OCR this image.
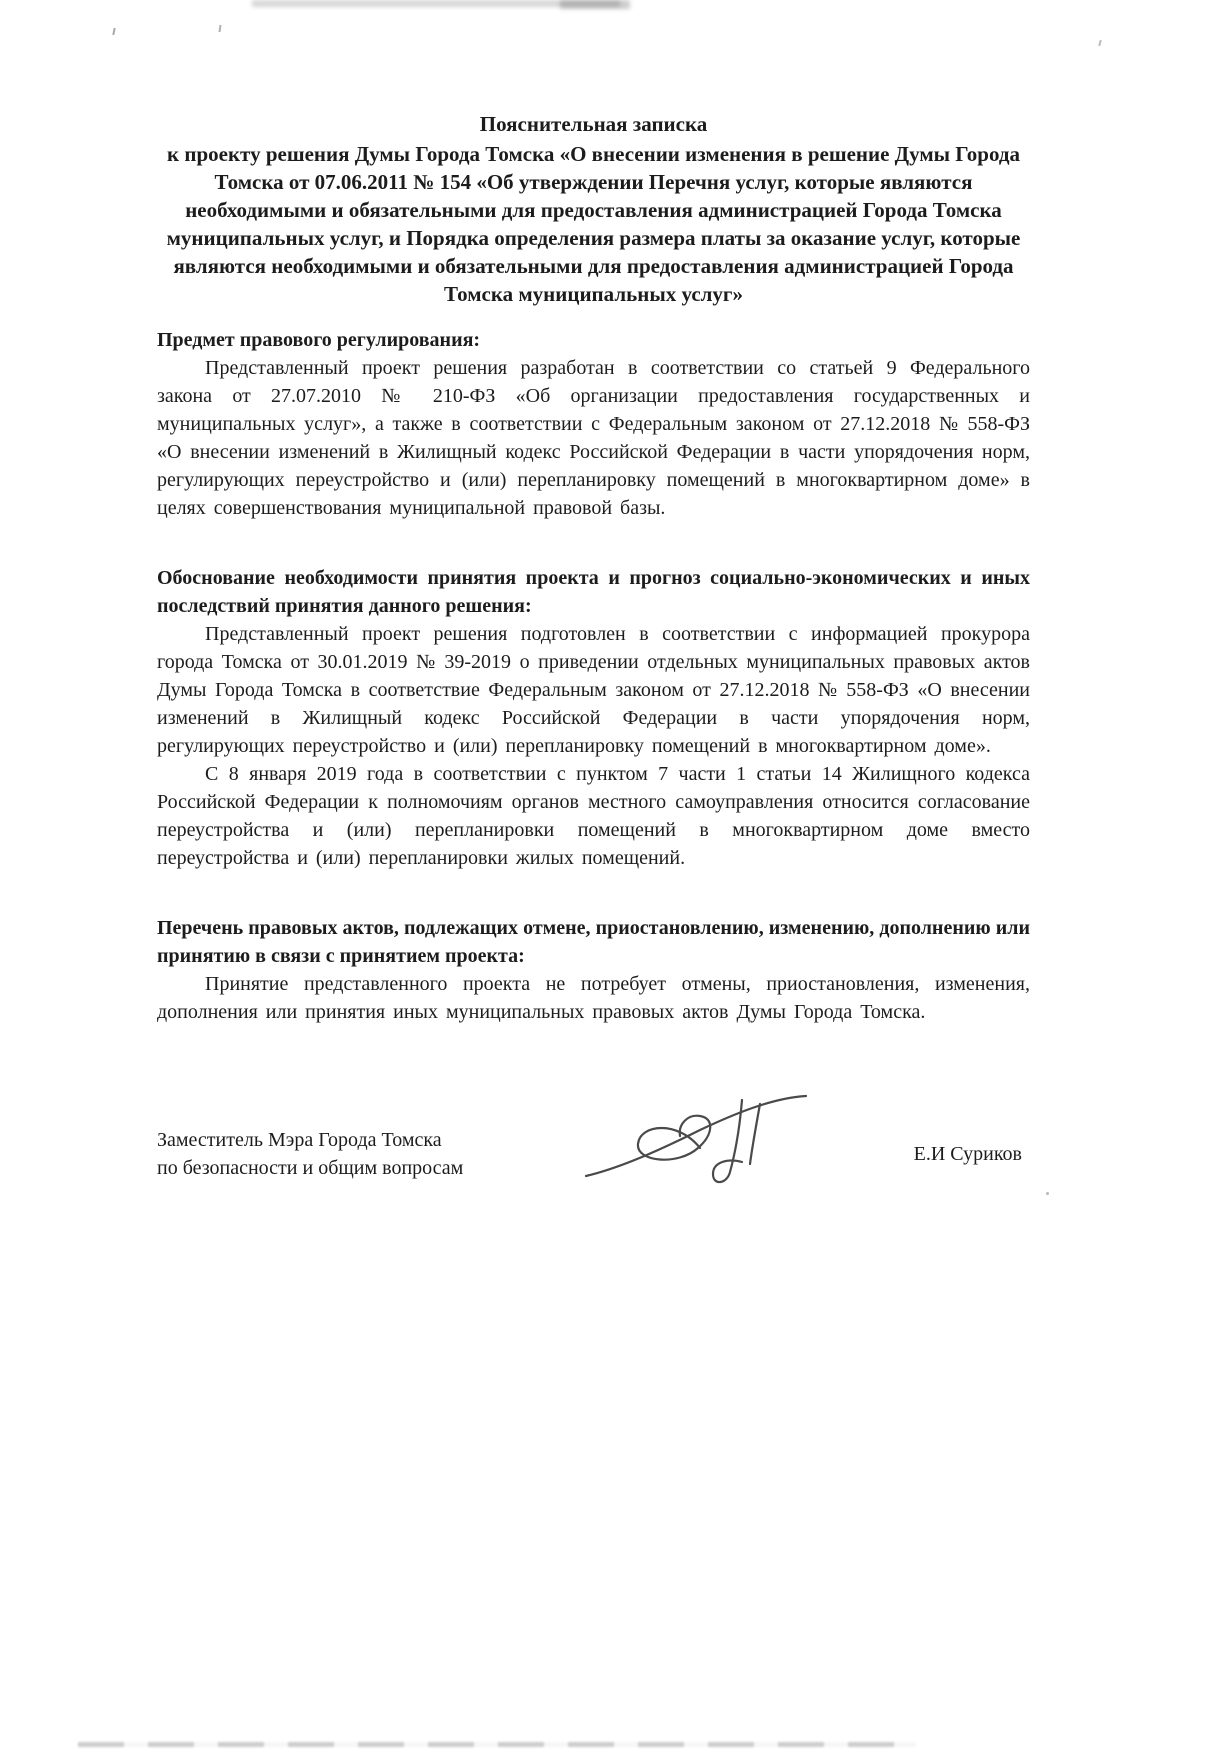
Пояснительная записка
к проекту решения Думы Города Томска «О внесении изменения в решение Думы Города Томска от 07.06.2011 № 154 «Об утверждении Перечня услуг, которые являются необходимыми и обязательными для предоставления администрацией Города Томска муниципальных услуг, и Порядка определения размера платы за оказание услуг, которые являются необходимыми и обязательными для предоставления администрацией Города Томска муниципальных услуг»
Предмет правового регулирования:

Представленный проект решения разработан в соответствии со статьей 9 Федерального закона от 27.07.2010 № 210-ФЗ «Об организации предоставления государственных и муниципальных услуг», а также в соответствии с Федеральным законом от 27.12.2018 № 558-ФЗ «О внесении изменений в Жилищный кодекс Российской Федерации в части упорядочения норм, регулирующих переустройство и (или) перепланировку помещений в многоквартирном доме» в целях совершенствования муниципальной правовой базы.

Обоснование необходимости принятия проекта и прогноз социально-экономических и иных последствий принятия данного решения:

Представленный проект решения подготовлен в соответствии с информацией прокурора города Томска от 30.01.2019 № 39-2019 о приведении отдельных муниципальных правовых актов Думы Города Томска в соответствие Федеральным законом от 27.12.2018 № 558-ФЗ «О внесении изменений в Жилищный кодекс Российской Федерации в части упорядочения норм, регулирующих переустройство и (или) перепланировку помещений в многоквартирном доме».

С 8 января 2019 года в соответствии с пунктом 7 части 1 статьи 14 Жилищного кодекса Российской Федерации к полномочиям органов местного самоуправления относится согласование переустройства и (или) перепланировки помещений в многоквартирном доме вместо переустройства и (или) перепланировки жилых помещений.

Перечень правовых актов, подлежащих отмене, приостановлению, изменению, дополнению или принятию в связи с принятием проекта:

Принятие представленного проекта не потребует отмены, приостановления, изменения, дополнения или принятия иных муниципальных правовых актов Думы Города Томска.

Заместитель Мэра Города Томска
по безопасности и общим вопросам
Е.И Суриков
